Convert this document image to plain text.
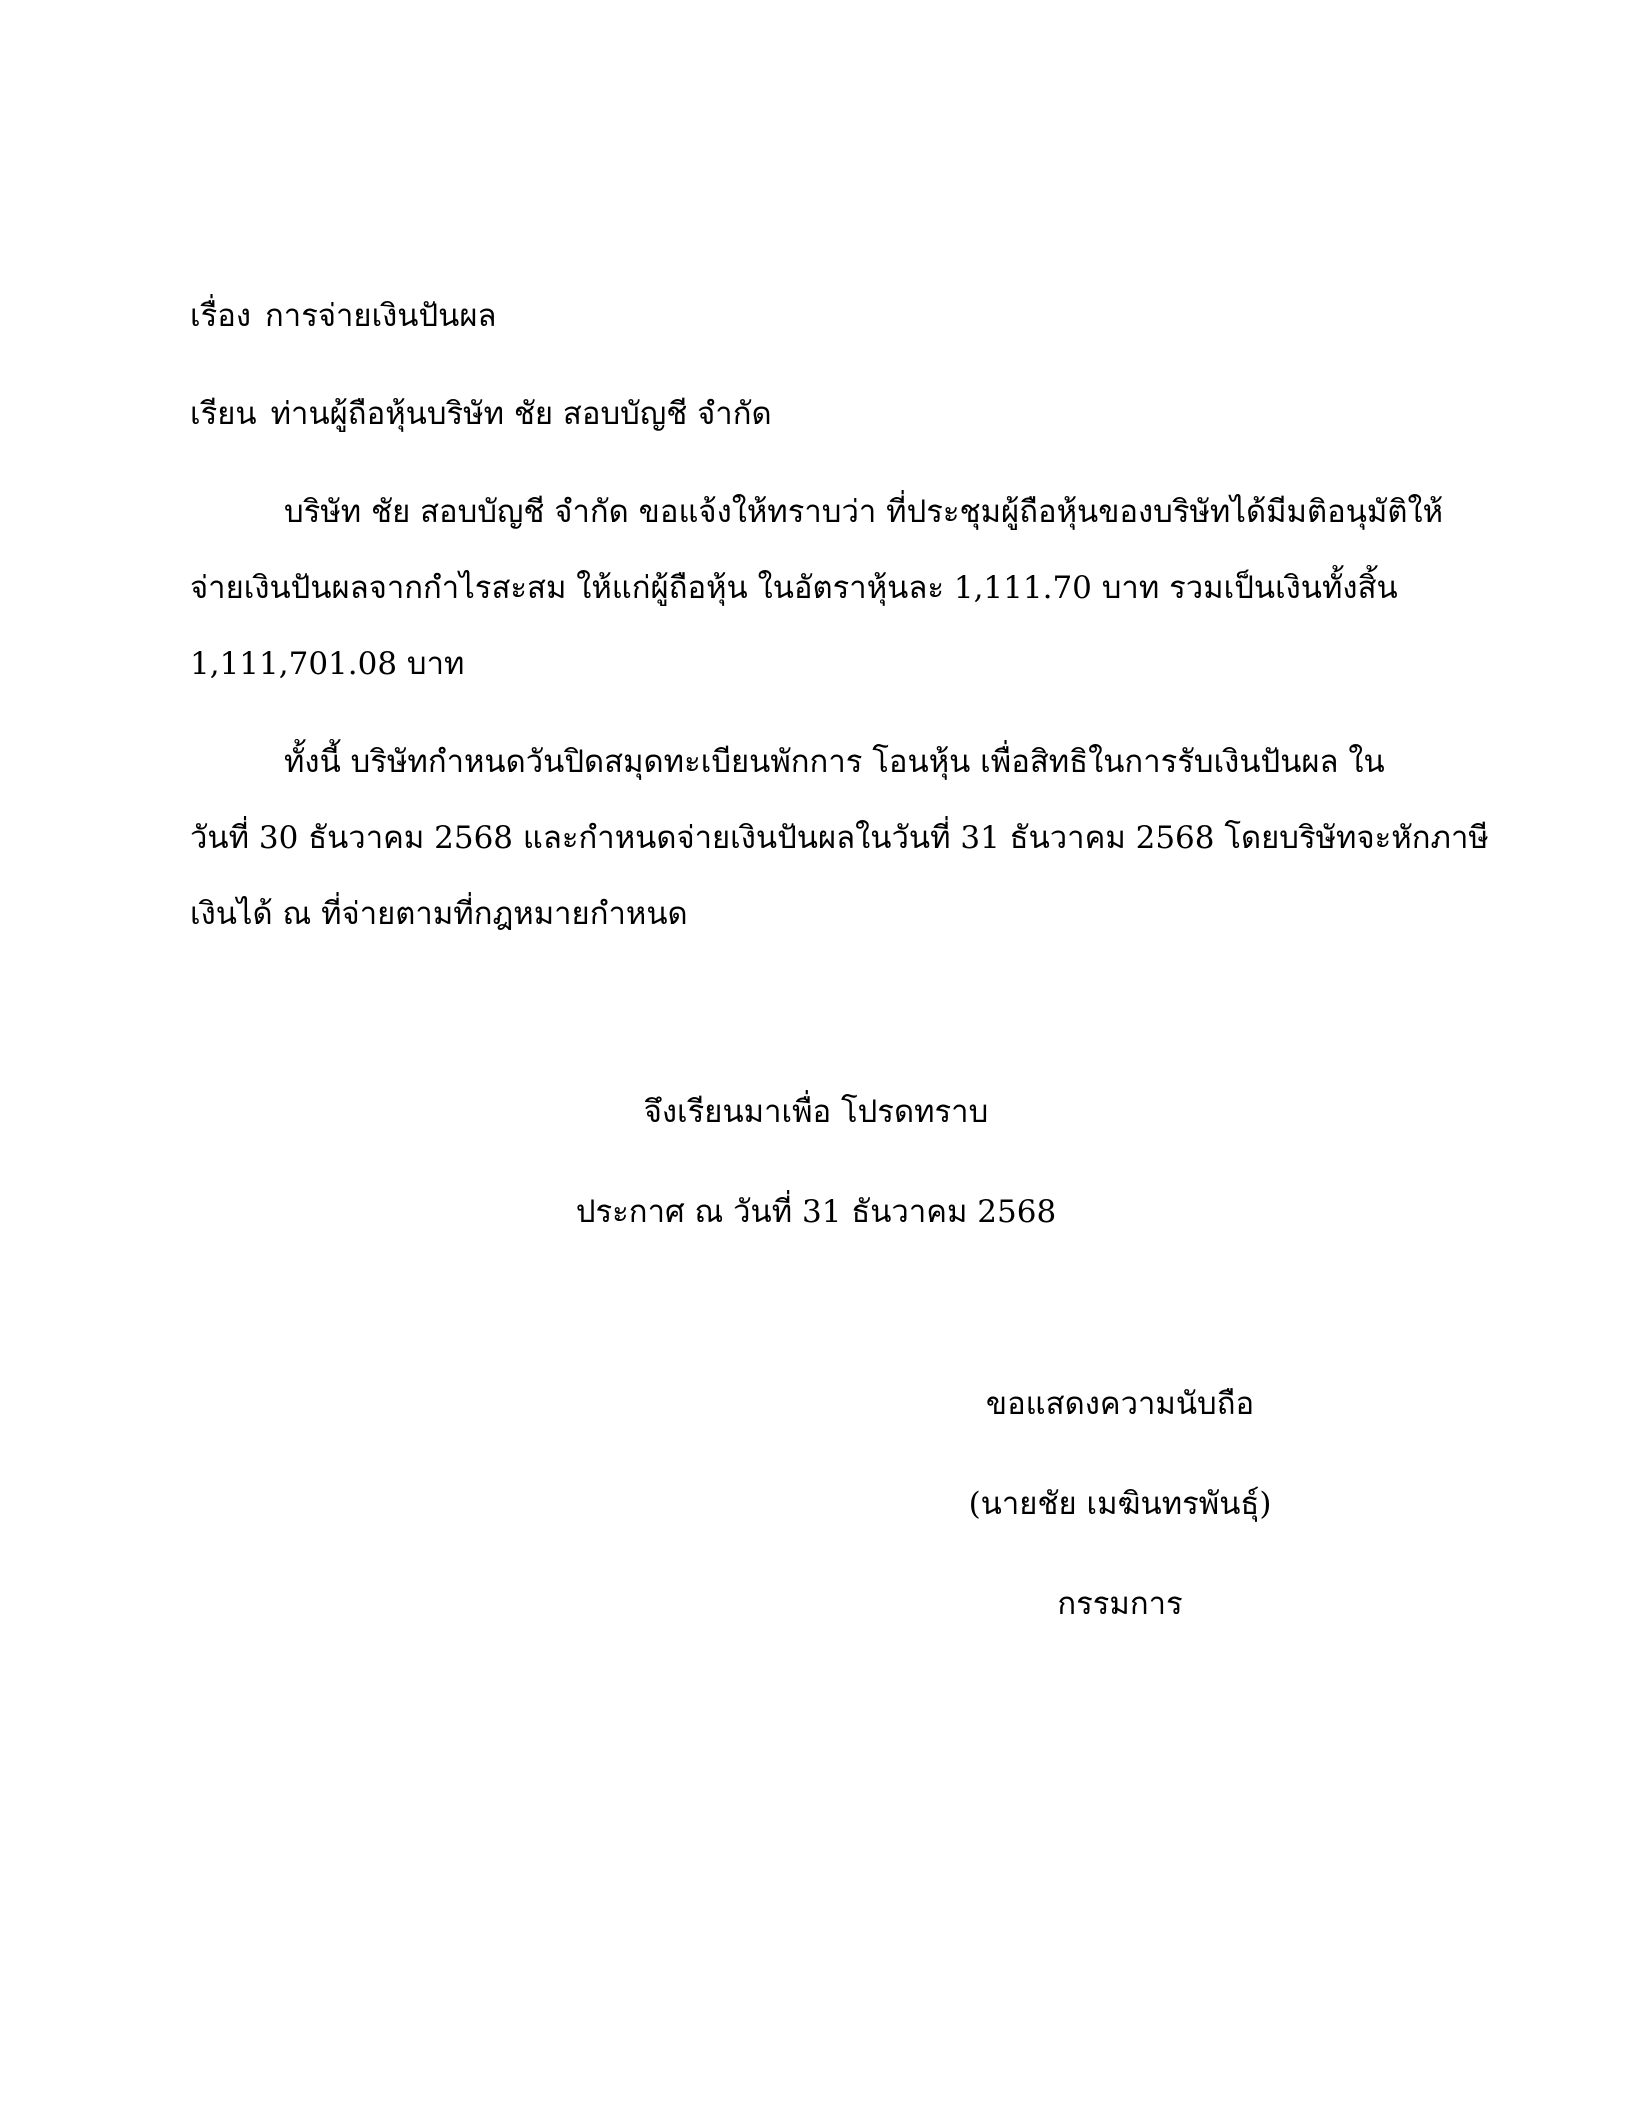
เรื่อง การจ่ายเงินปันผล
เรียน ท่านผู้ถือหุ้นบริษัท ชัย สอบบัญชี จำกัด
บริษัท ชัย สอบบัญชี จำกัด ขอแจ้งให้ทราบว่า ที่ประชุมผู้ถือหุ้นของบริษัทได้มีมติอนุมัติให้
จ่ายเงินปันผลจากกำไรสะสม ให้แก่ผู้ถือหุ้น ในอัตราหุ้นละ 1,111.70 บาท รวมเป็นเงินทั้งสิ้น
1,111,701.08 บาท
ทั้งนี้ บริษัทกำหนดวันปิดสมุดทะเบียนพักการ โอนหุ้น เพื่อสิทธิในการรับเงินปันผล ใน
วันที่ 30 ธันวาคม 2568 และกำหนดจ่ายเงินปันผลในวันที่ 31 ธันวาคม 2568 โดยบริษัทจะหักภาษี
เงินได้ ณ ที่จ่ายตามที่กฎหมายกำหนด
จึงเรียนมาเพื่อ โปรดทราบ
ประกาศ ณ วันที่ 31 ธันวาคม 2568
ขอแสดงความนับถือ
(นายชัย เมฆินทรพันธุ์)
กรรมการ
